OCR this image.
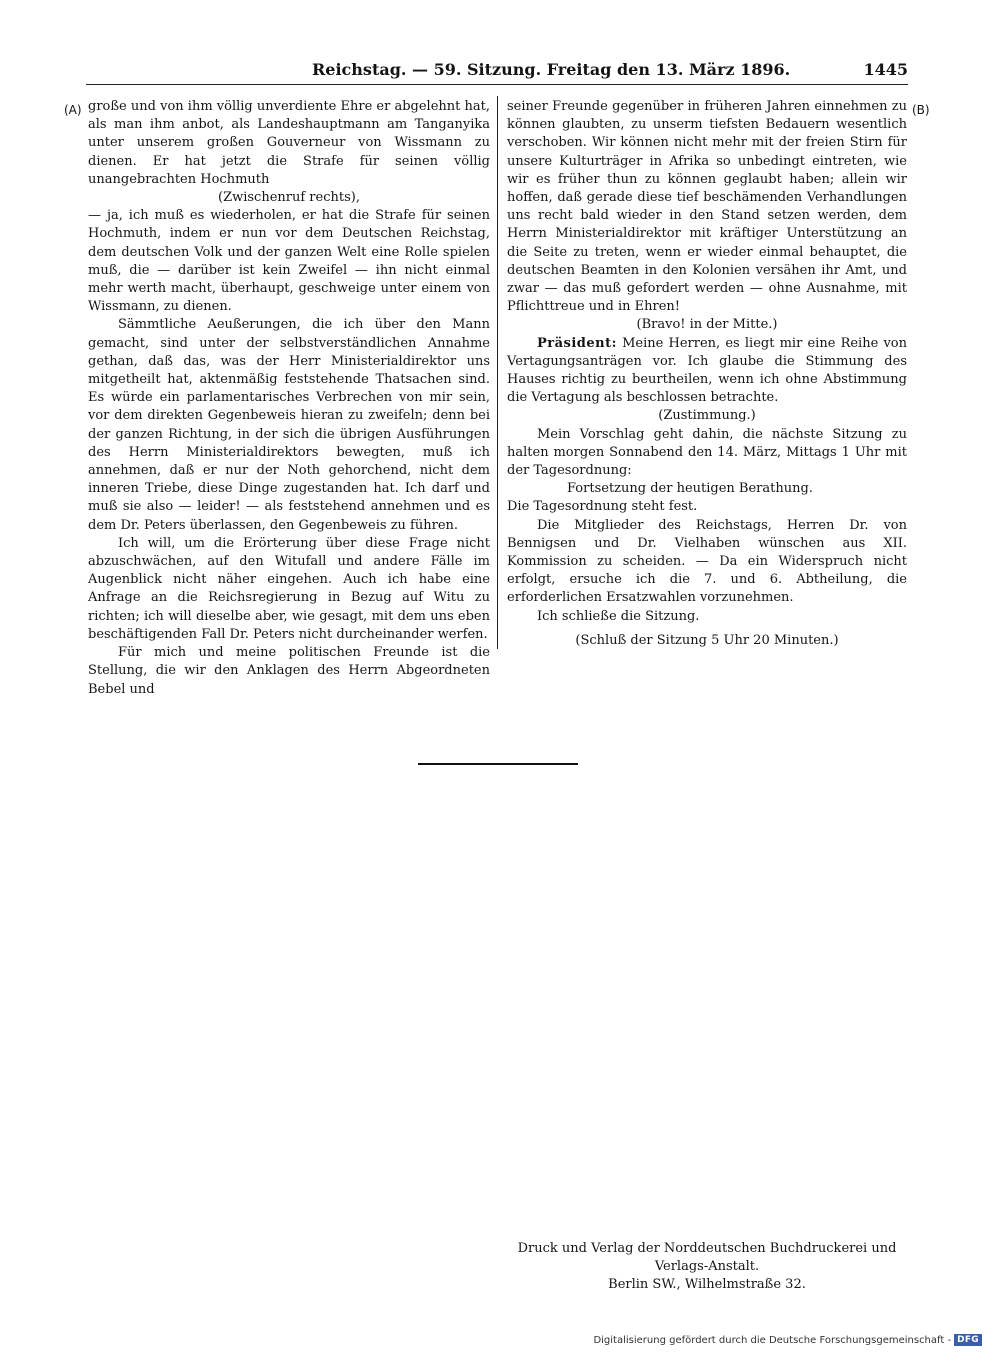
Reichstag. — 59. Sitzung. Freitag den 13. März 1896.	1445
(A)	(B)

große und von ihm völlig unverdiente Ehre er abgelehnt hat, als man ihm anbot, als Landeshauptmann am Tanganyika unter unserem großen Gouverneur von Wissmann zu dienen. Er hat jetzt die Strafe für seinen völlig unangebrachten Hochmuth

(Zwischenruf rechts),

— ja, ich muß es wiederholen, er hat die Strafe für seinen Hochmuth, indem er nun vor dem Deutschen Reichstag, dem deutschen Volk und der ganzen Welt eine Rolle spielen muß, die — darüber ist kein Zweifel — ihn nicht einmal mehr werth macht, überhaupt, geschweige unter einem von Wissmann, zu dienen.

Sämmtliche Aeußerungen, die ich über den Mann gemacht, sind unter der selbstverständlichen Annahme gethan, daß das, was der Herr Ministerialdirektor uns mitgetheilt hat, aktenmäßig feststehende Thatsachen sind. Es würde ein parlamentarisches Verbrechen von mir sein, vor dem direkten Gegenbeweis hieran zu zweifeln; denn bei der ganzen Richtung, in der sich die übrigen Ausführungen des Herrn Ministerialdirektors bewegten, muß ich annehmen, daß er nur der Noth gehorchend, nicht dem inneren Triebe, diese Dinge zugestanden hat. Ich darf und muß sie also — leider! — als feststehend annehmen und es dem Dr. Peters überlassen, den Gegenbeweis zu führen.

Ich will, um die Erörterung über diese Frage nicht abzuschwächen, auf den Witufall und andere Fälle im Augenblick nicht näher eingehen. Auch ich habe eine Anfrage an die Reichsregierung in Bezug auf Witu zu richten; ich will dieselbe aber, wie gesagt, mit dem uns eben beschäftigenden Fall Dr. Peters nicht durcheinander werfen.

Für mich und meine politischen Freunde ist die Stellung, die wir den Anklagen des Herrn Abgeordneten Bebel und

seiner Freunde gegenüber in früheren Jahren einnehmen zu können glaubten, zu unserm tiefsten Bedauern wesentlich verschoben. Wir können nicht mehr mit der freien Stirn für unsere Kulturträger in Afrika so unbedingt eintreten, wie wir es früher thun zu können geglaubt haben; allein wir hoffen, daß gerade diese tief beschämenden Verhandlungen uns recht bald wieder in den Stand setzen werden, dem Herrn Ministerialdirektor mit kräftiger Unterstützung an die Seite zu treten, wenn er wieder einmal behauptet, die deutschen Beamten in den Kolonien versähen ihr Amt, und zwar — das muß gefordert werden — ohne Ausnahme, mit Pflichttreue und in Ehren!

(Bravo! in der Mitte.)

Präsident: Meine Herren, es liegt mir eine Reihe von Vertagungsanträgen vor. Ich glaube die Stimmung des Hauses richtig zu beurtheilen, wenn ich ohne Abstimmung die Vertagung als beschlossen betrachte.

(Zustimmung.)

Mein Vorschlag geht dahin, die nächste Sitzung zu halten morgen Sonnabend den 14. März, Mittags 1 Uhr mit der Tagesordnung:

Fortsetzung der heutigen Berathung.

Die Tagesordnung steht fest.

Die Mitglieder des Reichstags, Herren Dr. von Bennigsen und Dr. Vielhaben wünschen aus XII. Kommission zu scheiden. — Da ein Widerspruch nicht erfolgt, ersuche ich die 7. und 6. Abtheilung, die erforderlichen Ersatzwahlen vorzunehmen.

Ich schließe die Sitzung.

(Schluß der Sitzung 5 Uhr 20 Minuten.)

Druck und Verlag der Norddeutschen Buchdruckerei und Verlags-Anstalt.

Berlin SW., Wilhelmstraße 32.

Digitalisierung gefördert durch die Deutsche Forschungsgemeinschaft - DFG
